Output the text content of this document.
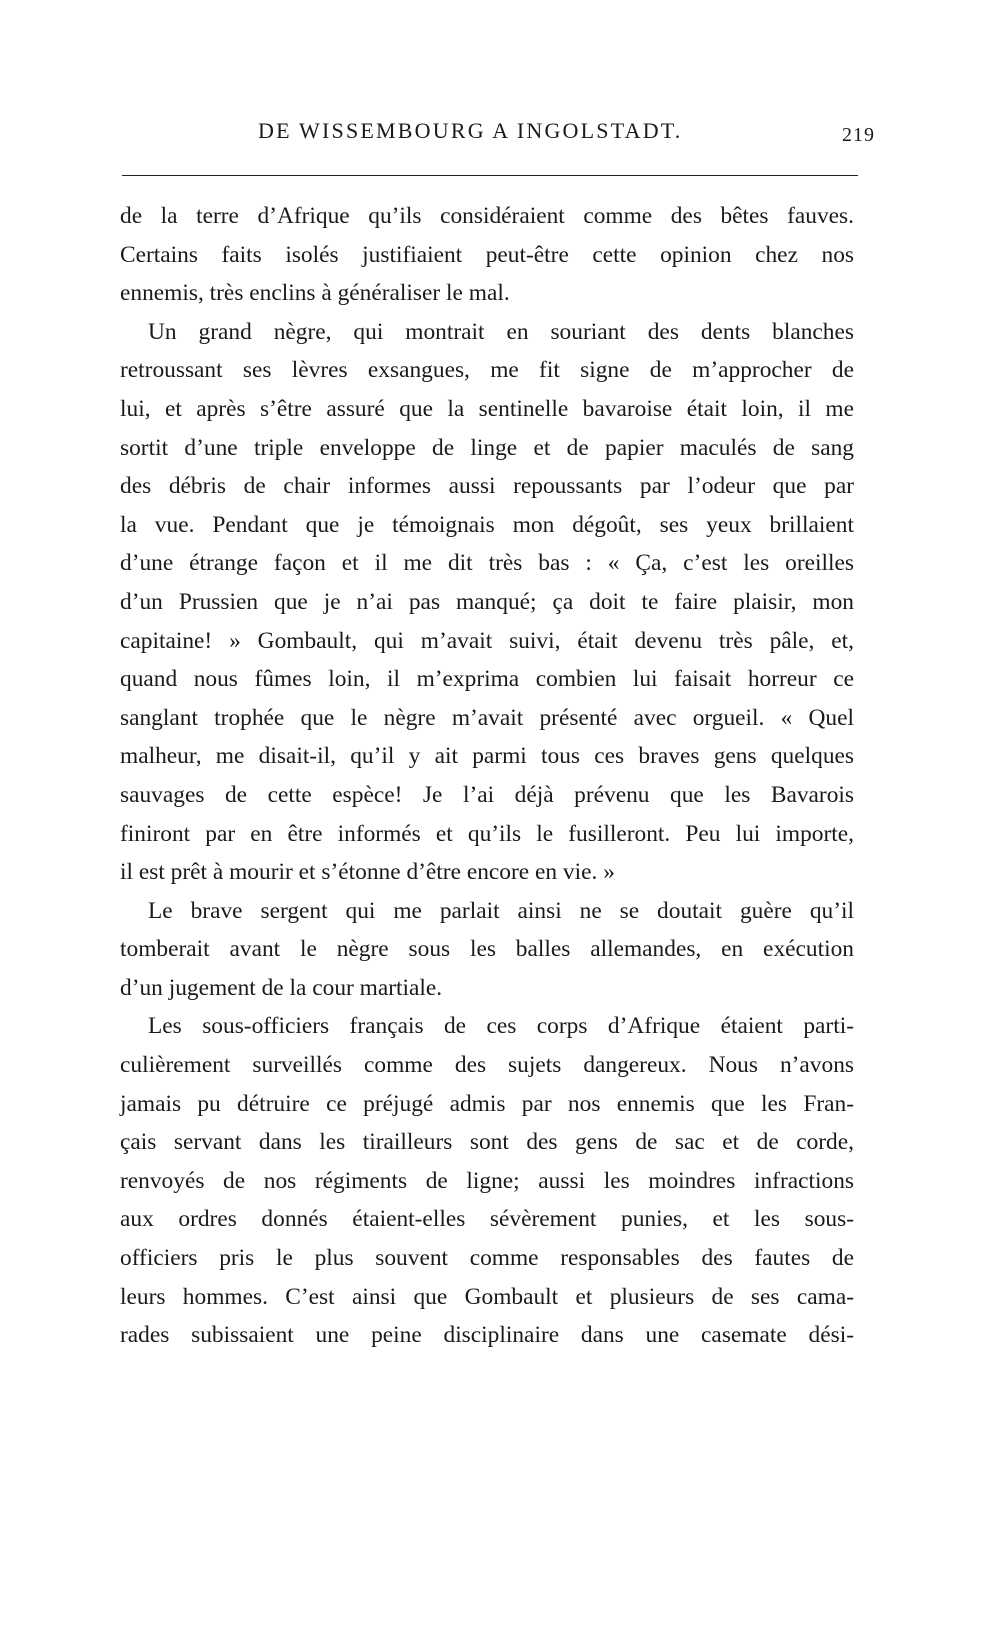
DE WISSEMBOURG A INGOLSTADT.	219
de la terre d’Afrique qu’ils considéraient comme des bêtes fauves.
Certains faits isolés justifiaient peut-être cette opinion chez nos
ennemis, très enclins à généraliser le mal.
Un grand nègre, qui montrait en souriant des dents blanches
retroussant ses lèvres exsangues, me fit signe de m’approcher de
lui, et après s’être assuré que la sentinelle bavaroise était loin, il me
sortit d’une triple enveloppe de linge et de papier maculés de sang
des débris de chair informes aussi repoussants par l’odeur que par
la vue. Pendant que je témoignais mon dégoût, ses yeux brillaient
d’une étrange façon et il me dit très bas : « Ça, c’est les oreilles
d’un Prussien que je n’ai pas manqué; ça doit te faire plaisir, mon
capitaine! » Gombault, qui m’avait suivi, était devenu très pâle, et,
quand nous fûmes loin, il m’exprima combien lui faisait horreur ce
sanglant trophée que le nègre m’avait présenté avec orgueil. « Quel
malheur, me disait-il, qu’il y ait parmi tous ces braves gens quelques
sauvages de cette espèce! Je l’ai déjà prévenu que les Bavarois
finiront par en être informés et qu’ils le fusilleront. Peu lui importe,
il est prêt à mourir et s’étonne d’être encore en vie. »
Le brave sergent qui me parlait ainsi ne se doutait guère qu’il
tomberait avant le nègre sous les balles allemandes, en exécution
d’un jugement de la cour martiale.
Les sous-officiers français de ces corps d’Afrique étaient parti-
culièrement surveillés comme des sujets dangereux. Nous n’avons
jamais pu détruire ce préjugé admis par nos ennemis que les Fran-
çais servant dans les tirailleurs sont des gens de sac et de corde,
renvoyés de nos régiments de ligne; aussi les moindres infractions
aux ordres donnés étaient-elles sévèrement punies, et les sous-
officiers pris le plus souvent comme responsables des fautes de
leurs hommes. C’est ainsi que Gombault et plusieurs de ses cama-
rades subissaient une peine disciplinaire dans une casemate dési-
